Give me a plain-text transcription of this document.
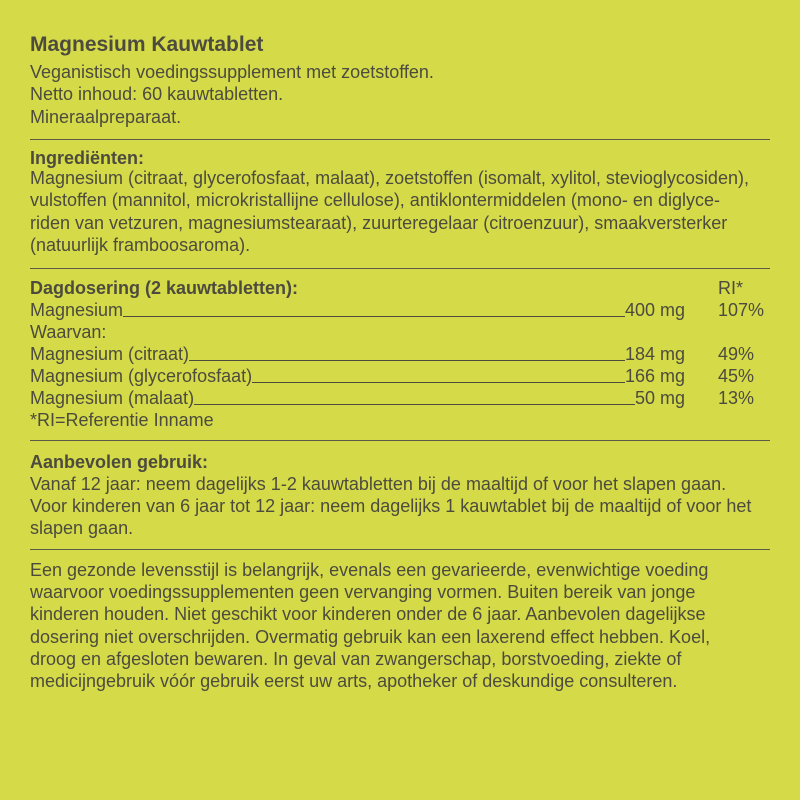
Magnesium Kauwtablet
Veganistisch voedingssupplement met zoetstoffen.
Netto inhoud: 60 kauwtabletten.
Mineraalpreparaat.
Ingrediënten:
Magnesium (citraat, glycerofosfaat, malaat), zoetstoffen (isomalt, xylitol, stevioglycosiden),
vulstoffen (mannitol, microkristallijne cellulose), antiklontermiddelen (mono- en diglyce-
riden van vetzuren, magnesiumstearaat), zuurteregelaar (citroenzuur), smaakversterker
(natuurlijk framboosaroma).
Dagdosering (2 kauwtabletten):	RI*
Magnesium	400 mg 107%
Waarvan:
Magnesium (citraat)	184 mg 49%
Magnesium (glycerofosfaat)	166 mg 45%
Magnesium (malaat)	50 mg 13%
*RI=Referentie Inname
Aanbevolen gebruik:
Vanaf 12 jaar: neem dagelijks 1-2 kauwtabletten bij de maaltijd of voor het slapen gaan.
Voor kinderen van 6 jaar tot 12 jaar: neem dagelijks 1 kauwtablet bij de maaltijd of voor het
slapen gaan.
Een gezonde levensstijl is belangrijk, evenals een gevarieerde, evenwichtige voeding
waarvoor voedingssupplementen geen vervanging vormen. Buiten bereik van jonge
kinderen houden. Niet geschikt voor kinderen onder de 6 jaar. Aanbevolen dagelijkse
dosering niet overschrijden. Overmatig gebruik kan een laxerend effect hebben. Koel,
droog en afgesloten bewaren. In geval van zwangerschap, borstvoeding, ziekte of
medicijngebruik vóór gebruik eerst uw arts, apotheker of deskundige consulteren.
